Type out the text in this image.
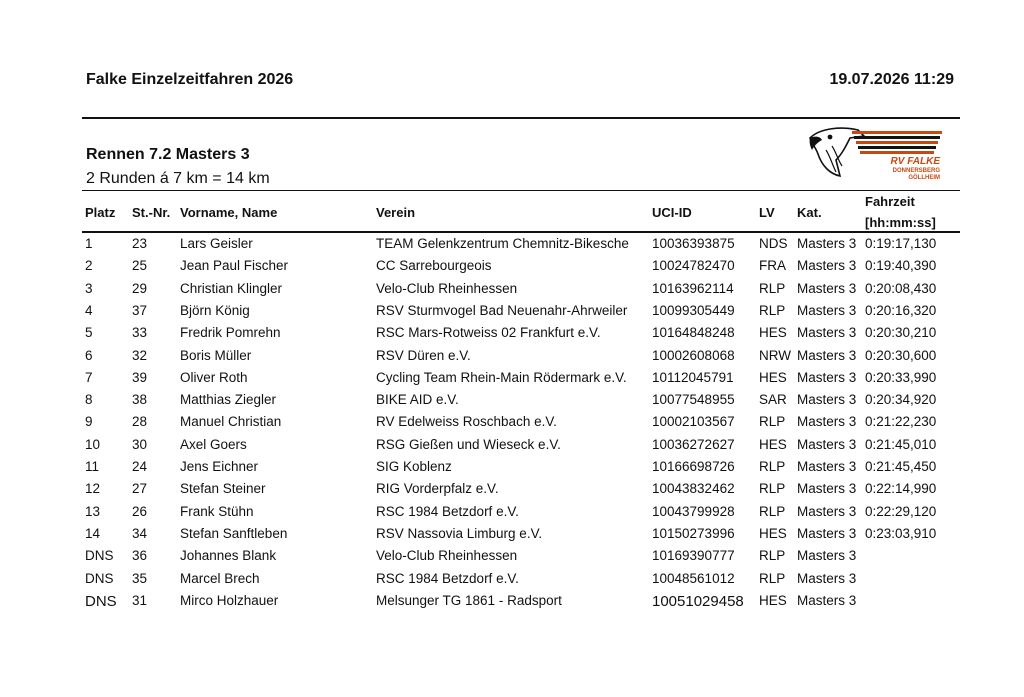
Falke Einzelzeitfahren 2026	19.07.2026 11:29
Rennen 7.2 Masters 3
2 Runden á 7 km = 14 km
RV FALKE
DONNERSBERG
GÖLLHEIM
Platz St.-Nr. Vorname, Name	Verein	UCI-ID	LV Kat.
Fahrzeit
[hh:mm:ss]
1	23 Lars Geisler	TEAM Gelenkzentrum Chemnitz-Bikesche 10036393875 NDS Masters 3 0:19:17,130
2	25 Jean Paul Fischer	CC Sarrebourgeois	10024782470 FRA Masters 3 0:19:40,390
3	29 Christian Klingler	Velo-Club Rheinhessen	10163962114 RLP Masters 3 0:20:08,430
4	37 Björn König	RSV Sturmvogel Bad Neuenahr-Ahrweiler 10099305449 RLP Masters 3 0:20:16,320
5	33 Fredrik Pomrehn	RSC Mars-Rotweiss 02 Frankfurt e.V.	10164848248 HES Masters 3 0:20:30,210
6	32 Boris Müller	RSV Düren e.V.	10002608068 NRW Masters 3 0:20:30,600
7	39 Oliver Roth	Cycling Team Rhein-Main Rödermark e.V. 10112045791 HES Masters 3 0:20:33,990
8	38 Matthias Ziegler	BIKE AID e.V.	10077548955 SAR Masters 3 0:20:34,920
9	28 Manuel Christian	RV Edelweiss Roschbach e.V.	10002103567 RLP Masters 3 0:21:22,230
10 30 Axel Goers	RSG Gießen und Wieseck e.V.	10036272627 HES Masters 3 0:21:45,010
11 24 Jens Eichner	SIG Koblenz	10166698726 RLP Masters 3 0:21:45,450
12 27 Stefan Steiner	RIG Vorderpfalz e.V.	10043832462 RLP Masters 3 0:22:14,990
13 26 Frank Stühn	RSC 1984 Betzdorf e.V.	10043799928 RLP Masters 3 0:22:29,120
14 34 Stefan Sanftleben	RSV Nassovia Limburg e.V.	10150273996 HES Masters 3 0:23:03,910
DNS 36 Johannes Blank	Velo-Club Rheinhessen	10169390777 RLP Masters 3
DNS 35 Marcel Brech	RSC 1984 Betzdorf e.V.	10048561012 RLP Masters 3
DNS 31 Mirco Holzhauer	Melsunger TG 1861 - Radsport	10051029458 HES Masters 3
